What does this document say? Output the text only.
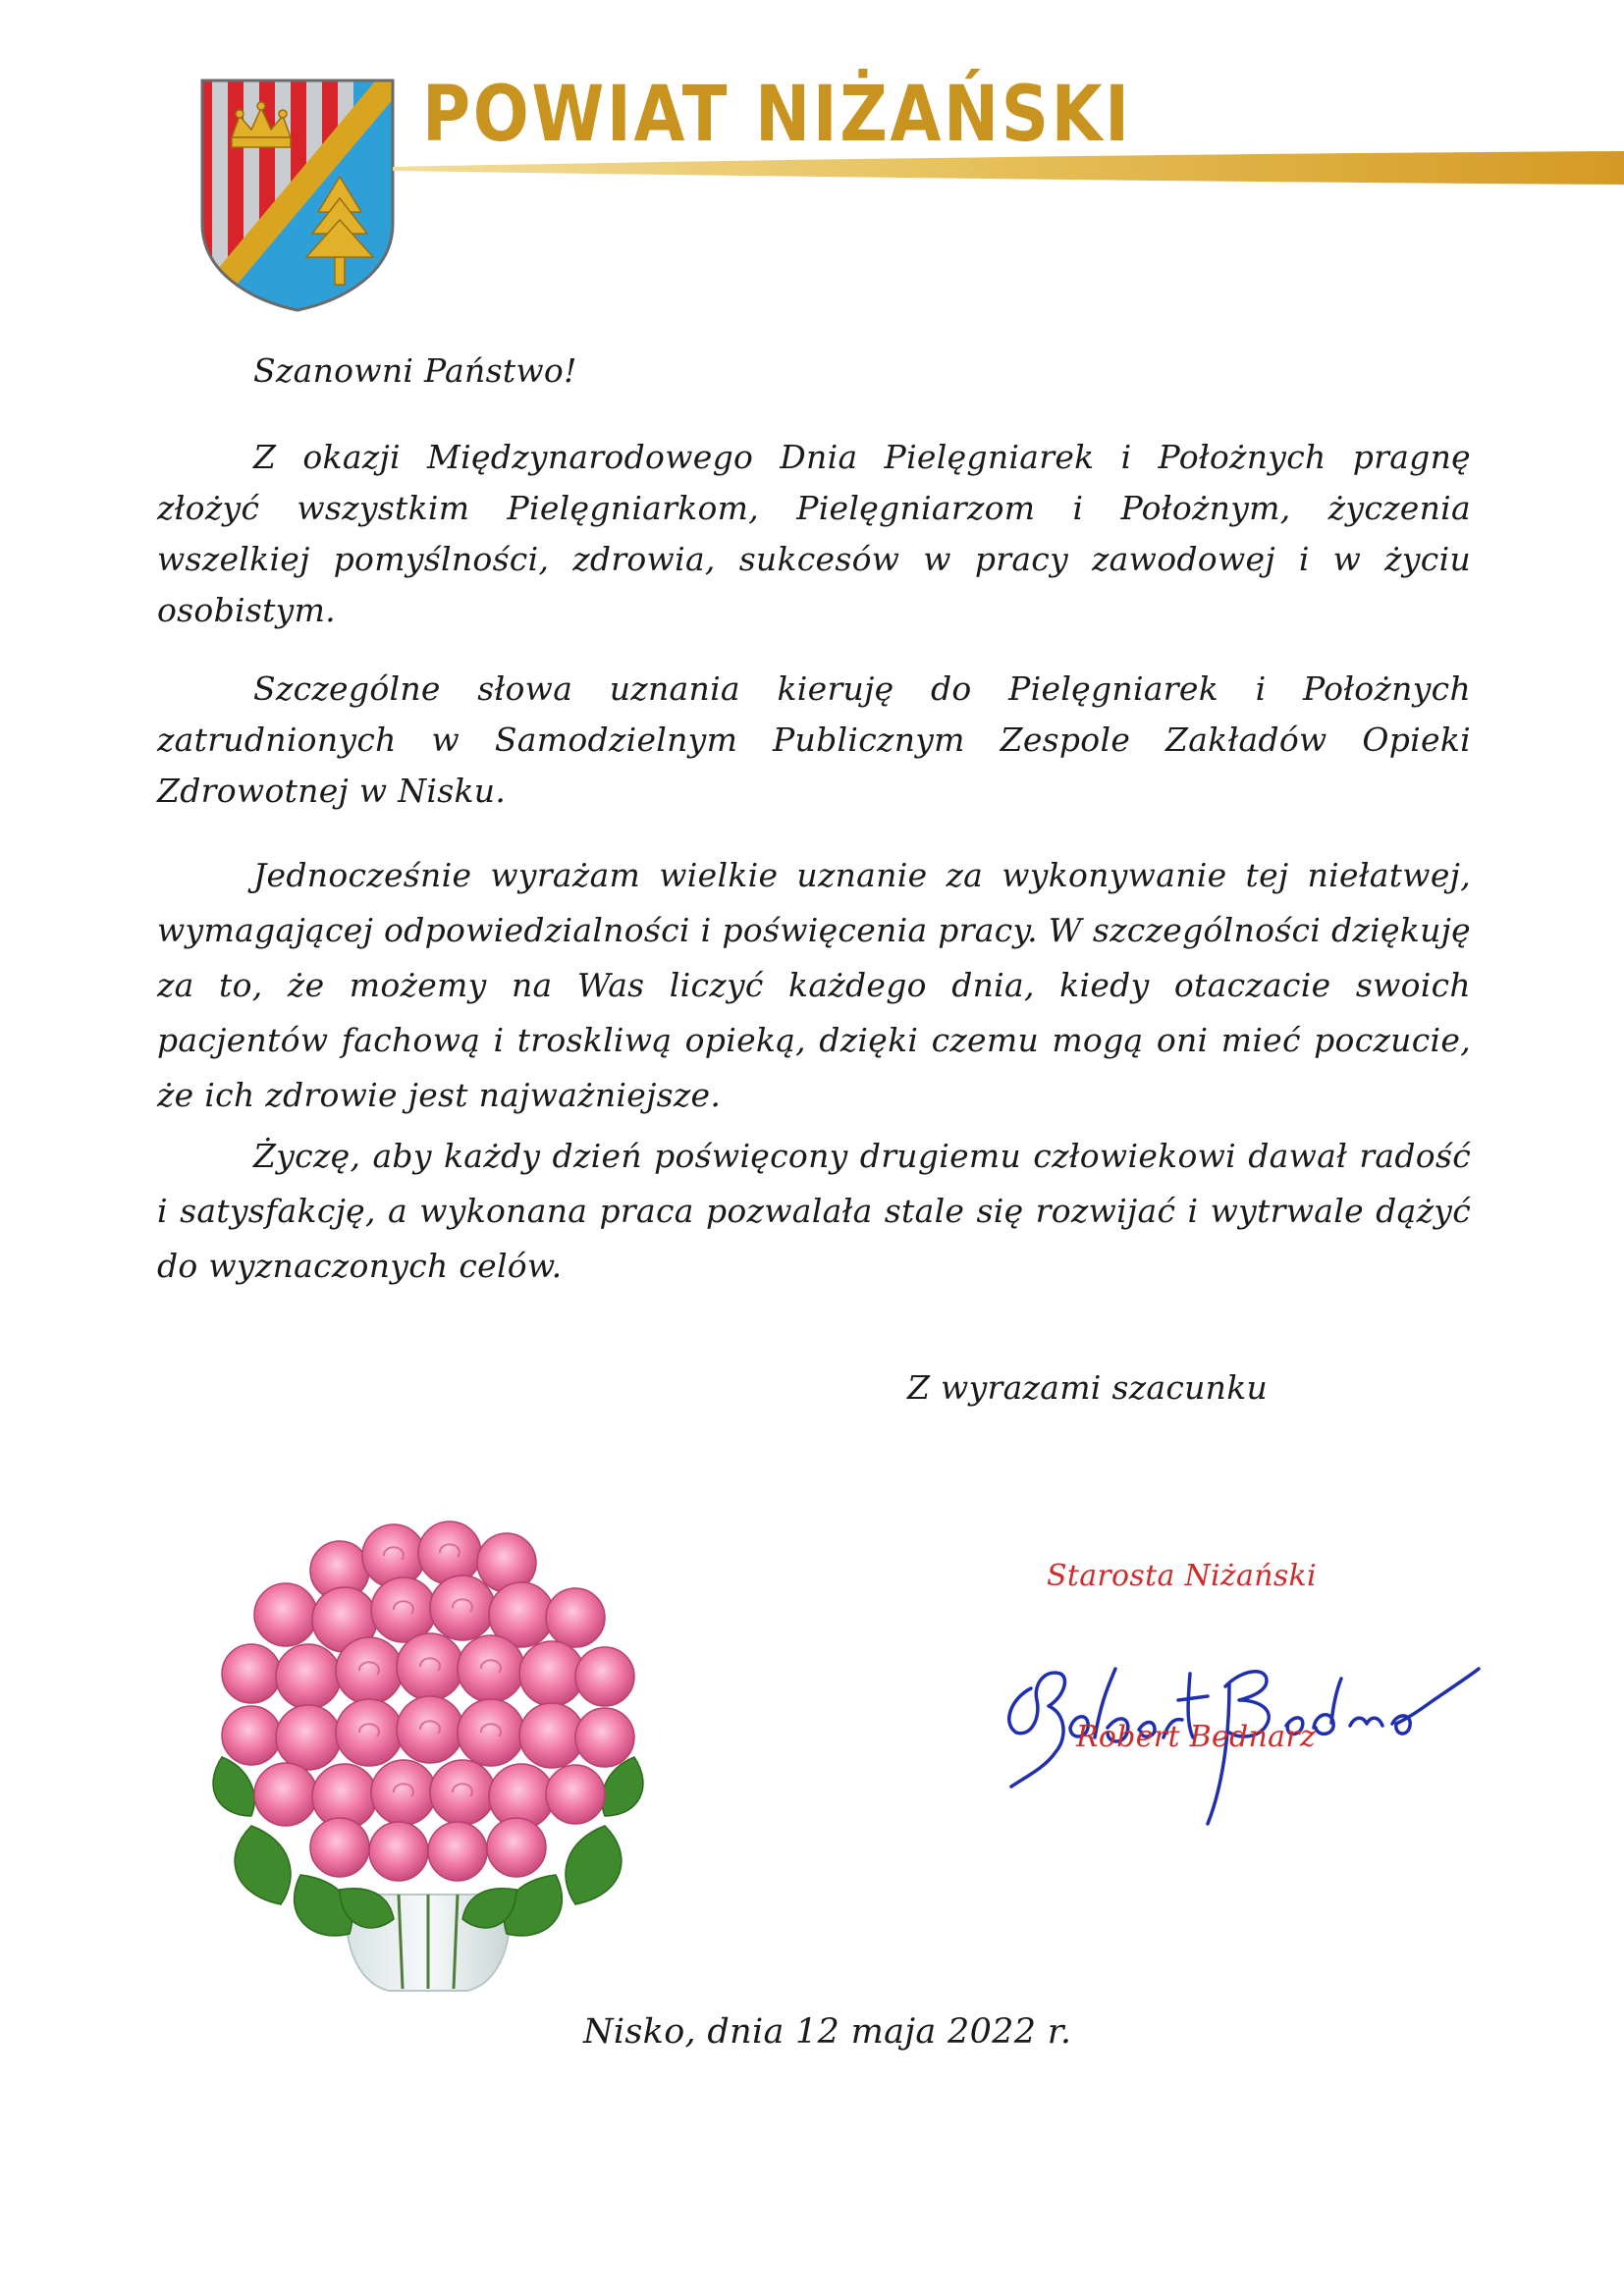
POWIAT NIŻAŃSKI
Szanowni Państwo!

Z okazji Międzynarodowego Dnia Pielęgniarek i Położnych pragnę złożyć wszystkim Pielęgniarkom, Pielęgniarzom i Położnym, życzenia wszelkiej pomyślności, zdrowia, sukcesów w pracy zawodowej i w życiu osobistym.

Szczególne słowa uznania kieruję do Pielęgniarek i Położnych zatrudnionych w Samodzielnym Publicznym Zespole Zakładów Opieki Zdrowotnej w Nisku.

Jednocześnie wyrażam wielkie uznanie za wykonywanie tej niełatwej, wymagającej odpowiedzialności i poświęcenia pracy. W szczególności dziękuję za to, że możemy na Was liczyć każdego dnia, kiedy otaczacie swoich pacjentów fachową i troskliwą opieką, dzięki czemu mogą oni mieć poczucie, że ich zdrowie jest najważniejsze.

Życzę, aby każdy dzień poświęcony drugiemu człowiekowi dawał radość i satysfakcję, a wykonana praca pozwalała stale się rozwijać i wytrwale dążyć do wyznaczonych celów.

Z wyrazami szacunku
Starosta Niżański
Robert Bednarz
Nisko, dnia 12 maja 2022 r.
